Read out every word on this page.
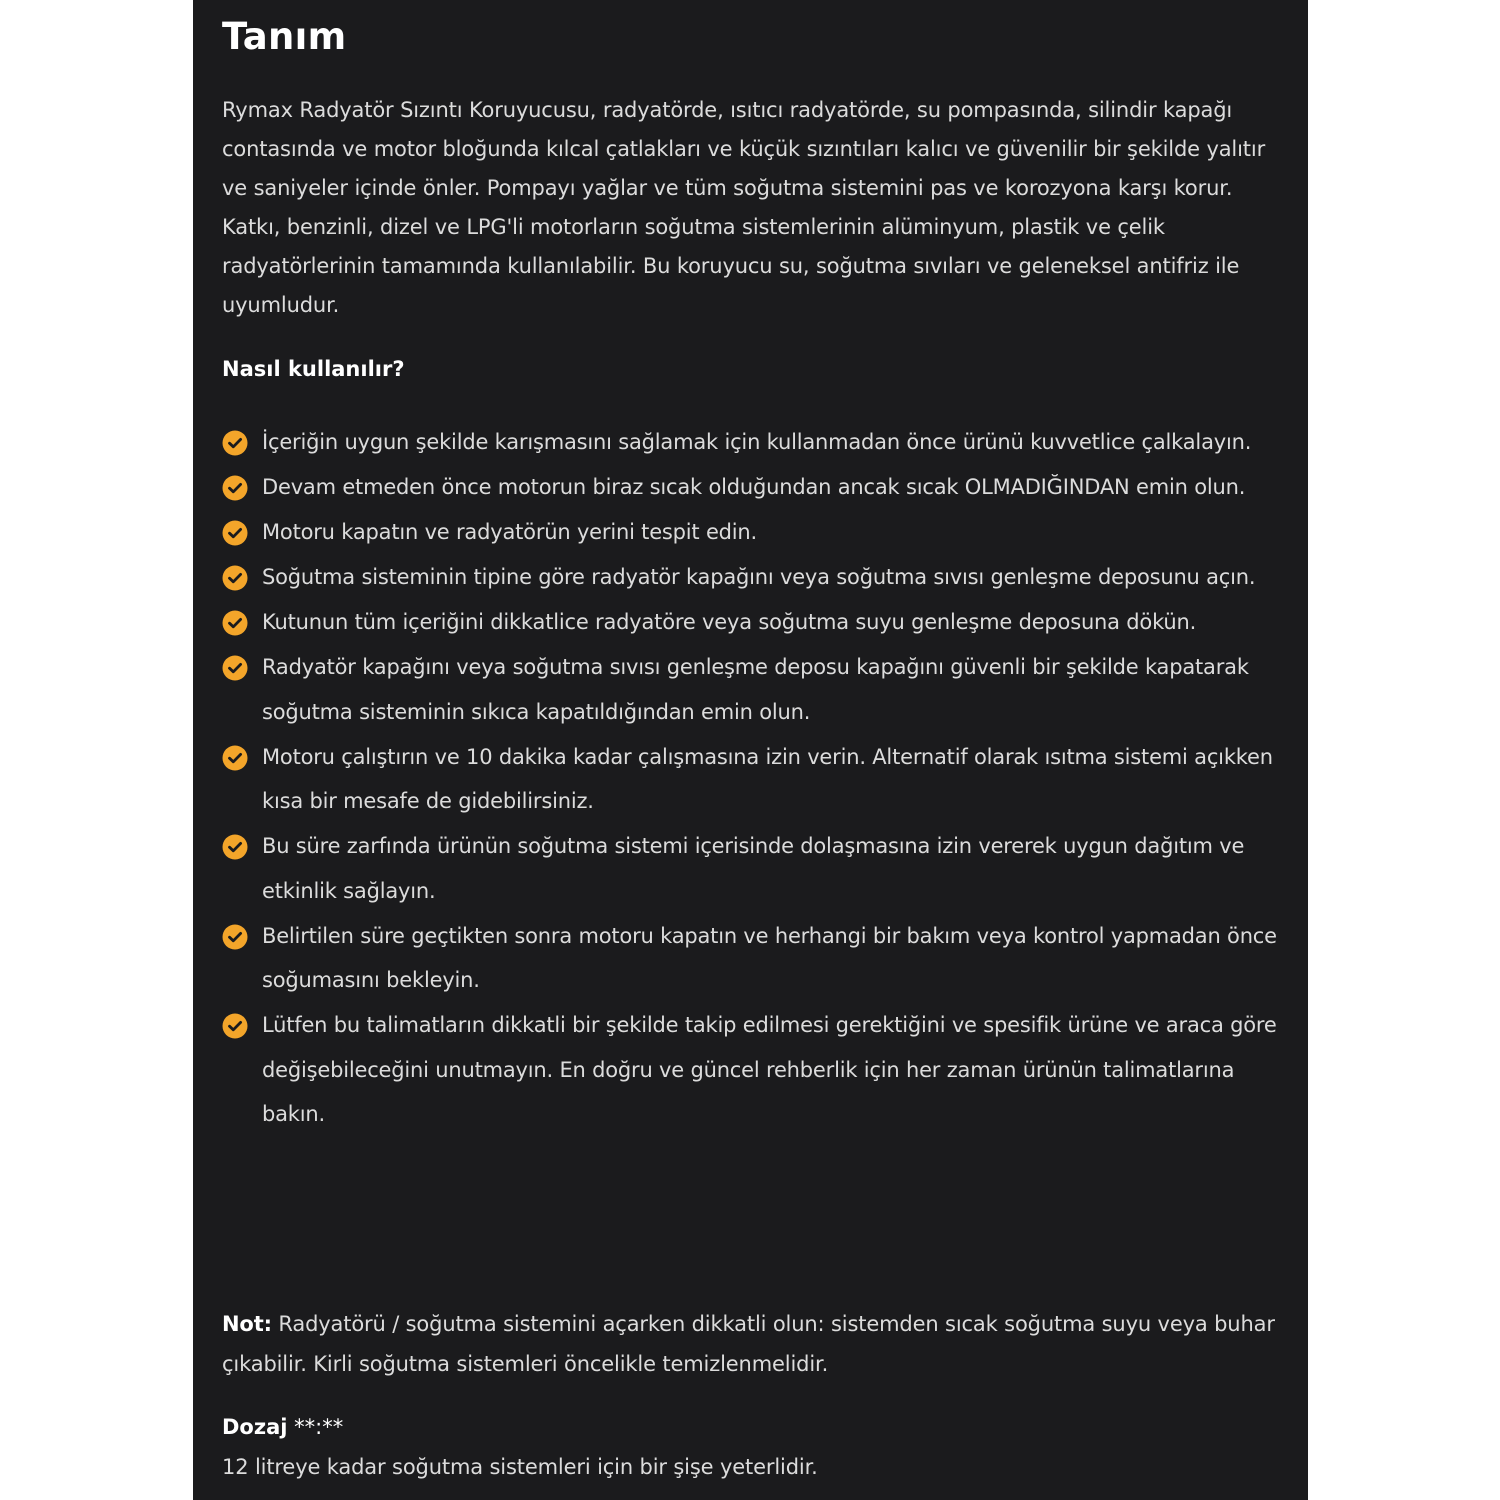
Tanım

Rymax Radyatör Sızıntı Koruyucusu, radyatörde, ısıtıcı radyatörde, su pompasında, silindir kapağı contasında ve motor bloğunda kılcal çatlakları ve küçük sızıntıları kalıcı ve güvenilir bir şekilde yalıtır ve saniyeler içinde önler. Pompayı yağlar ve tüm soğutma sistemini pas ve korozyona karşı korur. Katkı, benzinli, dizel ve LPG'li motorların soğutma sistemlerinin alüminyum, plastik ve çelik radyatörlerinin tamamında kullanılabilir. Bu koruyucu su, soğutma sıvıları ve geleneksel antifriz ile uyumludur.

Nasıl kullanılır?
İçeriğin uygun şekilde karışmasını sağlamak için kullanmadan önce ürünü kuvvetlice çalkalayın.
Devam etmeden önce motorun biraz sıcak olduğundan ancak sıcak OLMADIĞINDAN emin olun.
Motoru kapatın ve radyatörün yerini tespit edin.
Soğutma sisteminin tipine göre radyatör kapağını veya soğutma sıvısı genleşme deposunu açın.
Kutunun tüm içeriğini dikkatlice radyatöre veya soğutma suyu genleşme deposuna dökün.
Radyatör kapağını veya soğutma sıvısı genleşme deposu kapağını güvenli bir şekilde kapatarak soğutma sisteminin sıkıca kapatıldığından emin olun.
Motoru çalıştırın ve 10 dakika kadar çalışmasına izin verin. Alternatif olarak ısıtma sistemi açıkken kısa bir mesafe de gidebilirsiniz.
Bu süre zarfında ürünün soğutma sistemi içerisinde dolaşmasına izin vererek uygun dağıtım ve etkinlik sağlayın.
Belirtilen süre geçtikten sonra motoru kapatın ve herhangi bir bakım veya kontrol yapmadan önce soğumasını bekleyin.
Lütfen bu talimatların dikkatli bir şekilde takip edilmesi gerektiğini ve spesifik ürüne ve araca göre değişebileceğini unutmayın. En doğru ve güncel rehberlik için her zaman ürünün talimatlarına bakın.

Not: Radyatörü / soğutma sistemini açarken dikkatli olun: sistemden sıcak soğutma suyu veya buhar çıkabilir. Kirli soğutma sistemleri öncelikle temizlenmelidir.

Dozaj **:**

12 litreye kadar soğutma sistemleri için bir şişe yeterlidir.
